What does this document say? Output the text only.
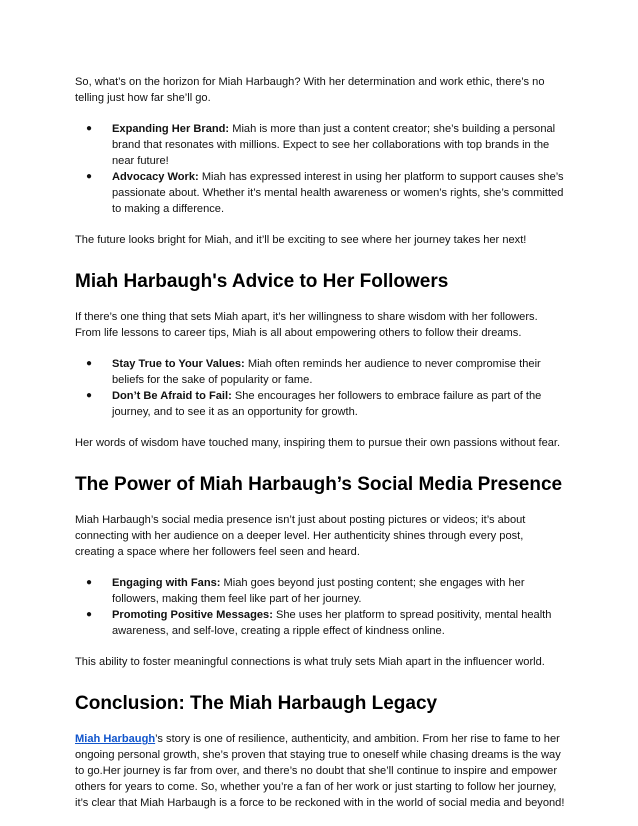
So, what’s on the horizon for Miah Harbaugh? With her determination and work ethic, there’s no telling just how far she’ll go.

● Expanding Her Brand: Miah is more than just a content creator; she’s building a personal brand that resonates with millions. Expect to see her collaborations with top brands in the near future!
● Advocacy Work: Miah has expressed interest in using her platform to support causes she’s passionate about. Whether it’s mental health awareness or women’s rights, she’s committed to making a difference.

The future looks bright for Miah, and it’ll be exciting to see where her journey takes her next!

Miah Harbaugh's Advice to Her Followers

If there’s one thing that sets Miah apart, it’s her willingness to share wisdom with her followers. From life lessons to career tips, Miah is all about empowering others to follow their dreams.

● Stay True to Your Values: Miah often reminds her audience to never compromise their beliefs for the sake of popularity or fame.
● Don’t Be Afraid to Fail: She encourages her followers to embrace failure as part of the journey, and to see it as an opportunity for growth.

Her words of wisdom have touched many, inspiring them to pursue their own passions without fear.

The Power of Miah Harbaugh’s Social Media Presence

Miah Harbaugh’s social media presence isn’t just about posting pictures or videos; it’s about connecting with her audience on a deeper level. Her authenticity shines through every post, creating a space where her followers feel seen and heard.

● Engaging with Fans: Miah goes beyond just posting content; she engages with her followers, making them feel like part of her journey.
● Promoting Positive Messages: She uses her platform to spread positivity, mental health awareness, and self-love, creating a ripple effect of kindness online.

This ability to foster meaningful connections is what truly sets Miah apart in the influencer world.

Conclusion: The Miah Harbaugh Legacy

Miah Harbaugh’s story is one of resilience, authenticity, and ambition. From her rise to fame to her ongoing personal growth, she’s proven that staying true to oneself while chasing dreams is the way to go.Her journey is far from over, and there’s no doubt that she’ll continue to inspire and empower others for years to come. So, whether you’re a fan of her work or just starting to follow her journey, it’s clear that Miah Harbaugh is a force to be reckoned with in the world of social media and beyond!
